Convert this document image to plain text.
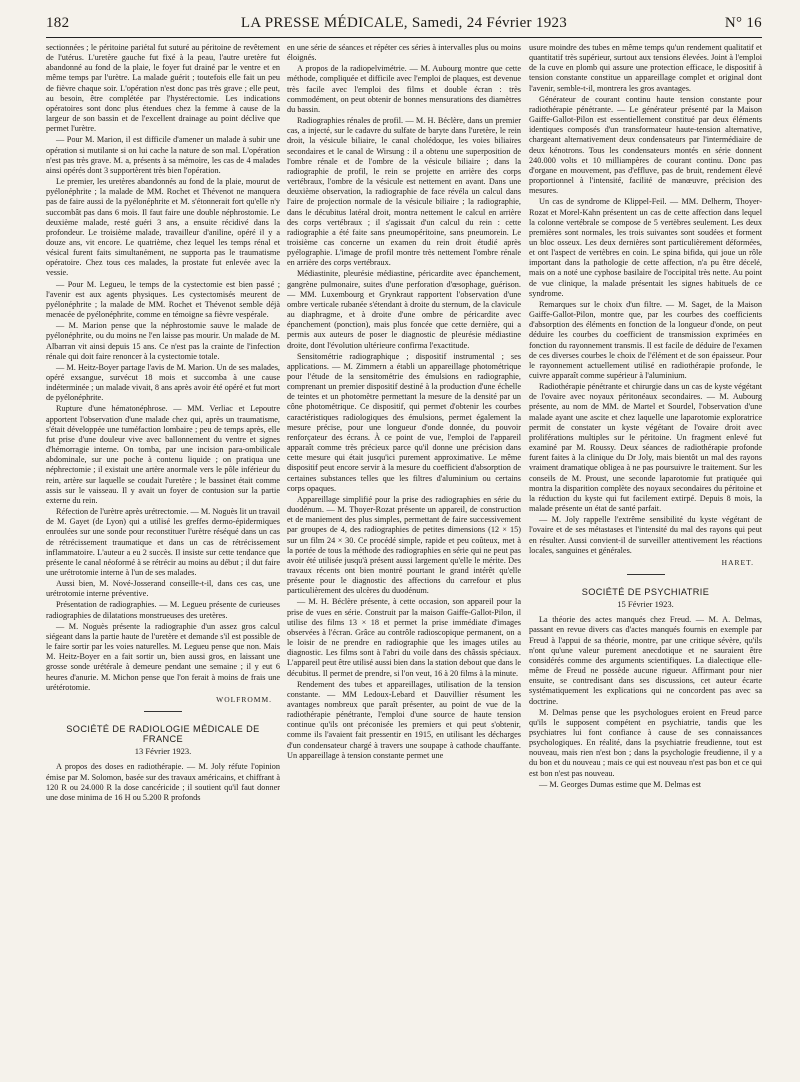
182	LA PRESSE MÉDICALE, Samedi, 24 Février 1923	N° 16

sectionnées ; le péritoine pariétal fut suturé au péritoine de revêtement de l'utérus. L'uretère gauche fut fixé à la peau, l'autre uretère fut abandonné au fond de la plaie, le foyer fut drainé par le ventre et en même temps par l'urètre. La malade guérit ; toutefois elle fait un peu de fièvre chaque soir. L'opération n'est donc pas très grave ; elle peut, au besoin, être complétée par l'hystérectomie. Les indications opératoires sont donc plus étendues chez la femme à cause de la largeur de son bassin et de l'excellent drainage au point déclive que permet l'urètre.

— Pour M. Marion, il est difficile d'amener un malade à subir une opération si mutilante si on lui cache la nature de son mal. L'opération n'est pas très grave. M. a, présents à sa mémoire, les cas de 4 malades ainsi opérés dont 3 supportèrent très bien l'opération.

Le premier, les uretères abandonnés au fond de la plaie, mourut de pyélonéphrite ; la malade de MM. Rochet et Thévenot ne manquera pas de faire aussi de la pyélonéphrite et M. s'étonnerait fort qu'elle n'y succombât pas dans 6 mois. Il faut faire une double néphrostomie. Le deuxième malade, resté guéri 3 ans, a ensuite récidivé dans la profondeur. Le troisième malade, travailleur d'aniline, opéré il y a douze ans, vit encore. Le quatrième, chez lequel les temps rénal et vésical furent faits simultanément, ne supporta pas le traumatisme opératoire. Chez tous ces malades, la prostate fut enlevée avec la vessie.

— Pour M. Legueu, le temps de la cystectomie est bien passé ; l'avenir est aux agents physiques. Les cystectomisés meurent de pyélonéphrite ; la malade de MM. Rochet et Thévenot semble déjà menacée de pyélonéphrite, comme en témoigne sa fièvre vespérale.

— M. Marion pense que la néphrostomie sauve le malade de pyélonéphrite, ou du moins ne l'en laisse pas mourir. Un malade de M. Albarran vit ainsi depuis 15 ans. Ce n'est pas la crainte de l'infection rénale qui doit faire renoncer à la cystectomie totale.

— M. Heitz-Boyer partage l'avis de M. Marion. Un de ses malades, opéré exsangue, survécut 18 mois et succomba à une cause indéterminée ; un malade vivait, 8 ans après avoir été opéré et fut mort de pyélonéphrite.

Rupture d'une hématonéphrose. — MM. Verliac et Lepoutre apportent l'observation d'une malade chez qui, après un traumatisme, s'était développée une tuméfaction lombaire ; peu de temps après, elle fut prise d'une douleur vive avec ballonnement du ventre et signes d'hémorragie interne. On tomba, par une incision para-ombilicale abdominale, sur une poche à contenu liquide ; on pratiqua une néphrectomie ; il existait une artère anormale vers le pôle inférieur du rein, artère sur laquelle se coudait l'uretère ; le bassinet était comme assis sur le vaisseau. Il y avait un foyer de contusion sur la partie externe du rein.

Réfection de l'urètre après urétrectomie. — M. Noguès lit un travail de M. Gayet (de Lyon) qui a utilisé les greffes dermo-épidermiques enroulées sur une sonde pour reconstituer l'urètre réséqué dans un cas de rétrécissement traumatique et dans un cas de rétrécissement inflammatoire. L'auteur a eu 2 succès. Il insiste sur cette tendance que présente le canal néoformé à se rétrécir au moins au début ; il dut faire une urétrotomie interne à l'un de ses malades.

Aussi bien, M. Nové-Josserand conseille-t-il, dans ces cas, une urétrotomie interne préventive.

Présentation de radiographies. — M. Legueu présente de curieuses radiographies de dilatations monstrueuses des uretères.

— M. Noguès présente la radiographie d'un assez gros calcul siégeant dans la partie haute de l'uretère et demande s'il est possible de le faire sortir par les voies naturelles. M. Legueu pense que non. Mais M. Heitz-Boyer en a fait sortir un, bien aussi gros, en laissant une grosse sonde urétérale à demeure pendant une semaine ; il y eut 6 heures d'anurie. M. Michon pense que l'on ferait à moins de frais une urétérotomie.

WOLFROMM.

SOCIÉTÉ DE RADIOLOGIE MÉDICALE DE FRANCE

13 Février 1923.

A propos des doses en radiothérapie. — M. Joly réfute l'opinion émise par M. Solomon, basée sur des travaux américains, et chiffrant à 120 R ou 24.000 R la dose cancéricide ; il soutient qu'il faut donner une dose minima de 16 H ou 5.200 R profonds

en une série de séances et répéter ces séries à intervalles plus ou moins éloignés.

A propos de la radiopelvimétrie. — M. Aubourg montre que cette méthode, compliquée et difficile avec l'emploi de plaques, est devenue très facile avec l'emploi des films et double écran : très commodément, on peut obtenir de bonnes mensurations des diamètres du bassin.

Radiographies rénales de profil. — M. H. Béclère, dans un premier cas, a injecté, sur le cadavre du sulfate de baryte dans l'uretère, le rein droit, la vésicule biliaire, le canal cholédoque, les voies biliaires secondaires et le canal de Wirsung : il a obtenu une superposition de l'ombre rénale et de l'ombre de la vésicule biliaire ; dans la radiographie de profil, le rein se projette en arrière des corps vertébraux, l'ombre de la vésicule est nettement en avant. Dans une deuxième observation, la radiographie de face révéla un calcul dans l'aire de projection normale de la vésicule biliaire ; la radiographie, dans le décubitus latéral droit, montra nettement le calcul en arrière des corps vertébraux ; il s'agissait d'un calcul du rein : cette radiographie a été faite sans pneumopéritoine, sans pneumorein. Le troisième cas concerne un examen du rein droit étudié après pyélographie. L'image de profil montre très nettement l'ombre rénale en arrière des corps vertébraux.

Médiastinite, pleurésie médiastine, péricardite avec épanchement, gangrène pulmonaire, suites d'une perforation d'œsophage, guérison. — MM. Luxembourg et Grynkraut rapportent l'observation d'une ombre verticale rubanée s'étendant à droite du sternum, de la clavicule au diaphragme, et à droite d'une ombre de péricardite avec épanchement (ponction), mais plus foncée que cette dernière, qui a permis aux auteurs de poser le diagnostic de pleurésie médiastine droite, dont l'évolution ultérieure confirma l'exactitude.

Sensitométrie radiographique ; dispositif instrumental ; ses applications. — M. Zimmern a établi un appareillage photométrique pour l'étude de la sensitométrie des émulsions en radiographie, comprenant un premier dispositif destiné à la production d'une échelle de teintes et un photomètre permettant la mesure de la densité par un cône photométrique. Ce dispositif, qui permet d'obtenir les courbes caractéristiques radiologiques des émulsions, permet également la mesure précise, pour une longueur d'onde donnée, du pouvoir renforçateur des écrans. À ce point de vue, l'emploi de l'appareil apparaît comme très précieux parce qu'il donne une précision dans cette mesure qui était jusqu'ici purement approximative. Le même dispositif peut encore servir à la mesure du coefficient d'absorption de certaines substances telles que les filtres d'aluminium ou certains corps opaques.

Appareillage simplifié pour la prise des radiographies en série du duodénum. — M. Thoyer-Rozat présente un appareil, de construction et de maniement des plus simples, permettant de faire successivement par groupes de 4, des radiographies de petites dimensions (12 × 15) sur un film 24 × 30. Ce procédé simple, rapide et peu coûteux, met à la portée de tous la méthode des radiographies en série qui ne peut pas avoir été utilisée jusqu'à présent aussi largement qu'elle le mérite. Des travaux récents ont bien montré pourtant le grand intérêt qu'elle présente pour le diagnostic des affections du carrefour et plus particulièrement des ulcères du duodénum.

— M. H. Béclère présente, à cette occasion, son appareil pour la prise de vues en série. Construit par la maison Gaiffe-Gallot-Pilon, il utilise des films 13 × 18 et permet la prise immédiate d'images observées à l'écran. Grâce au contrôle radioscopique permanent, on a le loisir de ne prendre en radiographie que les images utiles au diagnostic. Les films sont à l'abri du voile dans des châssis spéciaux. L'appareil peut être utilisé aussi bien dans la station debout que dans le décubitus. Il permet de prendre, si l'on veut, 16 à 20 films à la minute.

Rendement des tubes et appareillages, utilisation de la tension constante. — MM Ledoux-Lebard et Dauvillier résument les avantages nombreux que paraît présenter, au point de vue de la radiothérapie pénétrante, l'emploi d'une source de haute tension continue qu'ils ont préconisée les premiers et qui peut s'obtenir, comme ils l'avaient fait pressentir en 1915, en utilisant les décharges d'un condensateur chargé à travers une soupape à cathode chauffante. Un appareillage à tension constante permet une

usure moindre des tubes en même temps qu'un rendement qualitatif et quantitatif très supérieur, surtout aux tensions élevées. Joint à l'emploi de la cuve en plomb qui assure une protection efficace, le dispositif à tension constante constitue un appareillage complet et original dont l'avenir, semble-t-il, montrera les gros avantages.

Générateur de courant continu haute tension constante pour radiothérapie pénétrante. — Le générateur présenté par la Maison Gaiffe-Gallot-Pilon est essentiellement constitué par deux éléments identiques composés d'un transformateur haute-tension alternative, chargeant alternativement deux condensateurs par l'intermédiaire de deux kénotrons. Tous les condensateurs montés en série donnent 240.000 volts et 10 milliampères de courant continu. Donc pas d'organe en mouvement, pas d'effluve, pas de bruit, rendement élevé proportionnel à l'intensité, facilité de manœuvre, précision des mesures.

Un cas de syndrome de Klippel-Feil. — MM. Delherm, Thoyer-Rozat et Morel-Kahn présentent un cas de cette affection dans lequel la colonne vertébrale se compose de 5 vertèbres seulement. Les deux premières sont normales, les trois suivantes sont soudées et forment un bloc osseux. Les deux dernières sont particulièrement déformées, et ont l'aspect de vertèbres en coin. Le spina bifida, qui joue un rôle important dans la pathologie de cette affection, n'a pu être décelé, mais on a noté une cyphose basilaire de l'occipital très nette. Au point de vue clinique, la malade présentait les signes habituels de ce syndrome.

Remarques sur le choix d'un filtre. — M. Saget, de la Maison Gaiffe-Gallot-Pilon, montre que, par les courbes des coefficients d'absorption des éléments en fonction de la longueur d'onde, on peut déduire les courbes du coefficient de transmission exprimées en fonction du rayonnement transmis. Il est facile de déduire de l'examen de ces diverses courbes le choix de l'élément et de son épaisseur. Pour le rayonnement actuellement utilisé en radiothérapie profonde, le cuivre apparaît comme supérieur à l'aluminium.

Radiothérapie pénétrante et chirurgie dans un cas de kyste végétant de l'ovaire avec noyaux péritonéaux secondaires. — M. Aubourg présente, au nom de MM. de Martel et Sourdel, l'observation d'une malade ayant une ascite et chez laquelle une laparotomie exploratrice permit de constater un kyste végétant de l'ovaire droit avec proliférations multiples sur le péritoine. Un fragment enlevé fut examiné par M. Roussy. Deux séances de radiothérapie profonde furent faites à la clinique du Dr Joly, mais bientôt un mal des rayons vraiment dramatique obligea à ne pas poursuivre le traitement. Sur les conseils de M. Proust, une seconde laparotomie fut pratiquée qui montra la disparition complète des noyaux secondaires du péritoine et la réduction du kyste qui fut facilement extirpé. Depuis 8 mois, la malade présente un état de santé parfait.

— M. Joly rappelle l'extrême sensibilité du kyste végétant de l'ovaire et de ses métastases et l'intensité du mal des rayons qui peut en résulter. Aussi convient-il de surveiller attentivement les réactions locales, sanguines et générales.

HARET.

SOCIÉTÉ DE PSYCHIATRIE

15 Février 1923.

La théorie des actes manqués chez Freud. — M. A. Delmas, passant en revue divers cas d'actes manqués fournis en exemple par Freud à l'appui de sa théorie, montre, par une critique sévère, qu'ils n'ont qu'une valeur purement anecdotique et ne sauraient être considérés comme des arguments scientifiques. La dialectique elle-même de Freud ne possède aucune rigueur. Affirmant pour nier ensuite, se contredisant dans ses discussions, cet auteur écarte systématiquement les explications qui ne concordent pas avec sa doctrine.

M. Delmas pense que les psychologues eroient en Freud parce qu'ils le supposent compétent en psychiatrie, tandis que les psychiatres lui font confiance à cause de ses connaissances psychologiques. En réalité, dans la psychiatrie freudienne, tout est nouveau, mais rien n'est bon ; dans la psychologie freudienne, il y a du bon et du nouveau ; mais ce qui est nouveau n'est pas bon et ce qui est bon n'est pas nouveau.

— M. Georges Dumas estime que M. Delmas est
